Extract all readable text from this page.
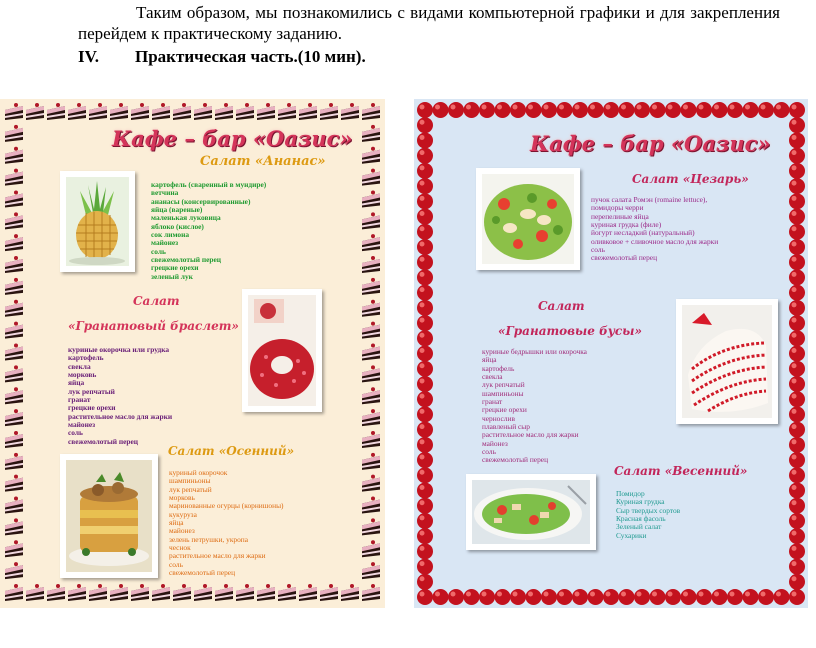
Таким образом, мы познакомились с видами компьютерной графики и для закрепления перейдем к практическому заданию.
IV. Практическая часть.(10 мин).
Кафе – бар «Оазис»
Салат «Ананас»
картофель (сваренный в мундире)
ветчина
ананасы (консервированные)
яйца (вареные)
маленькая луковица
яблоко (кислое)
сок лимона
майонез
соль
свежемолотый перец
грецкие орехи
зеленый лук
Салат
«Гранатовый браслет»
куриные окорочка или грудка
картофель
свекла
морковь
яйца
лук репчатый
гранат
грецкие орехи
растительное масло для жарки
майонез
соль
свежемолотый перец
Салат «Осенний»
куриный окорочок
шампиньоны
лук репчатый
морковь
маринованные огурцы (корнишоны)
кукуруза
яйца
майонез
зелень петрушки, укропа
чеснок
растительное масло для жарки
соль
свежемолотый перец
Кафе – бар «Оазис»
Салат «Цезарь»
пучок салата Ромэн (romaine lettuce),
помидоры черри
перепелиные яйца
куриная грудка (филе)
йогурт несладкий (натуральный)
оливковое + сливочное масло для жарки
соль
свежемолотый перец
Салат
«Гранатовые бусы»
куриные бедрышки или окорочка
яйца
картофель
свекла
лук репчатый
шампиньоны
гранат
грецкие орехи
чернослив
плавленый сыр
растительное масло для жарки
майонез
соль
свежемолотый перец
Салат «Весенний»
Помидор
Куриная грудка
Сыр твердых сортов
Красная фасоль
Зеленый салат
Сухарики
